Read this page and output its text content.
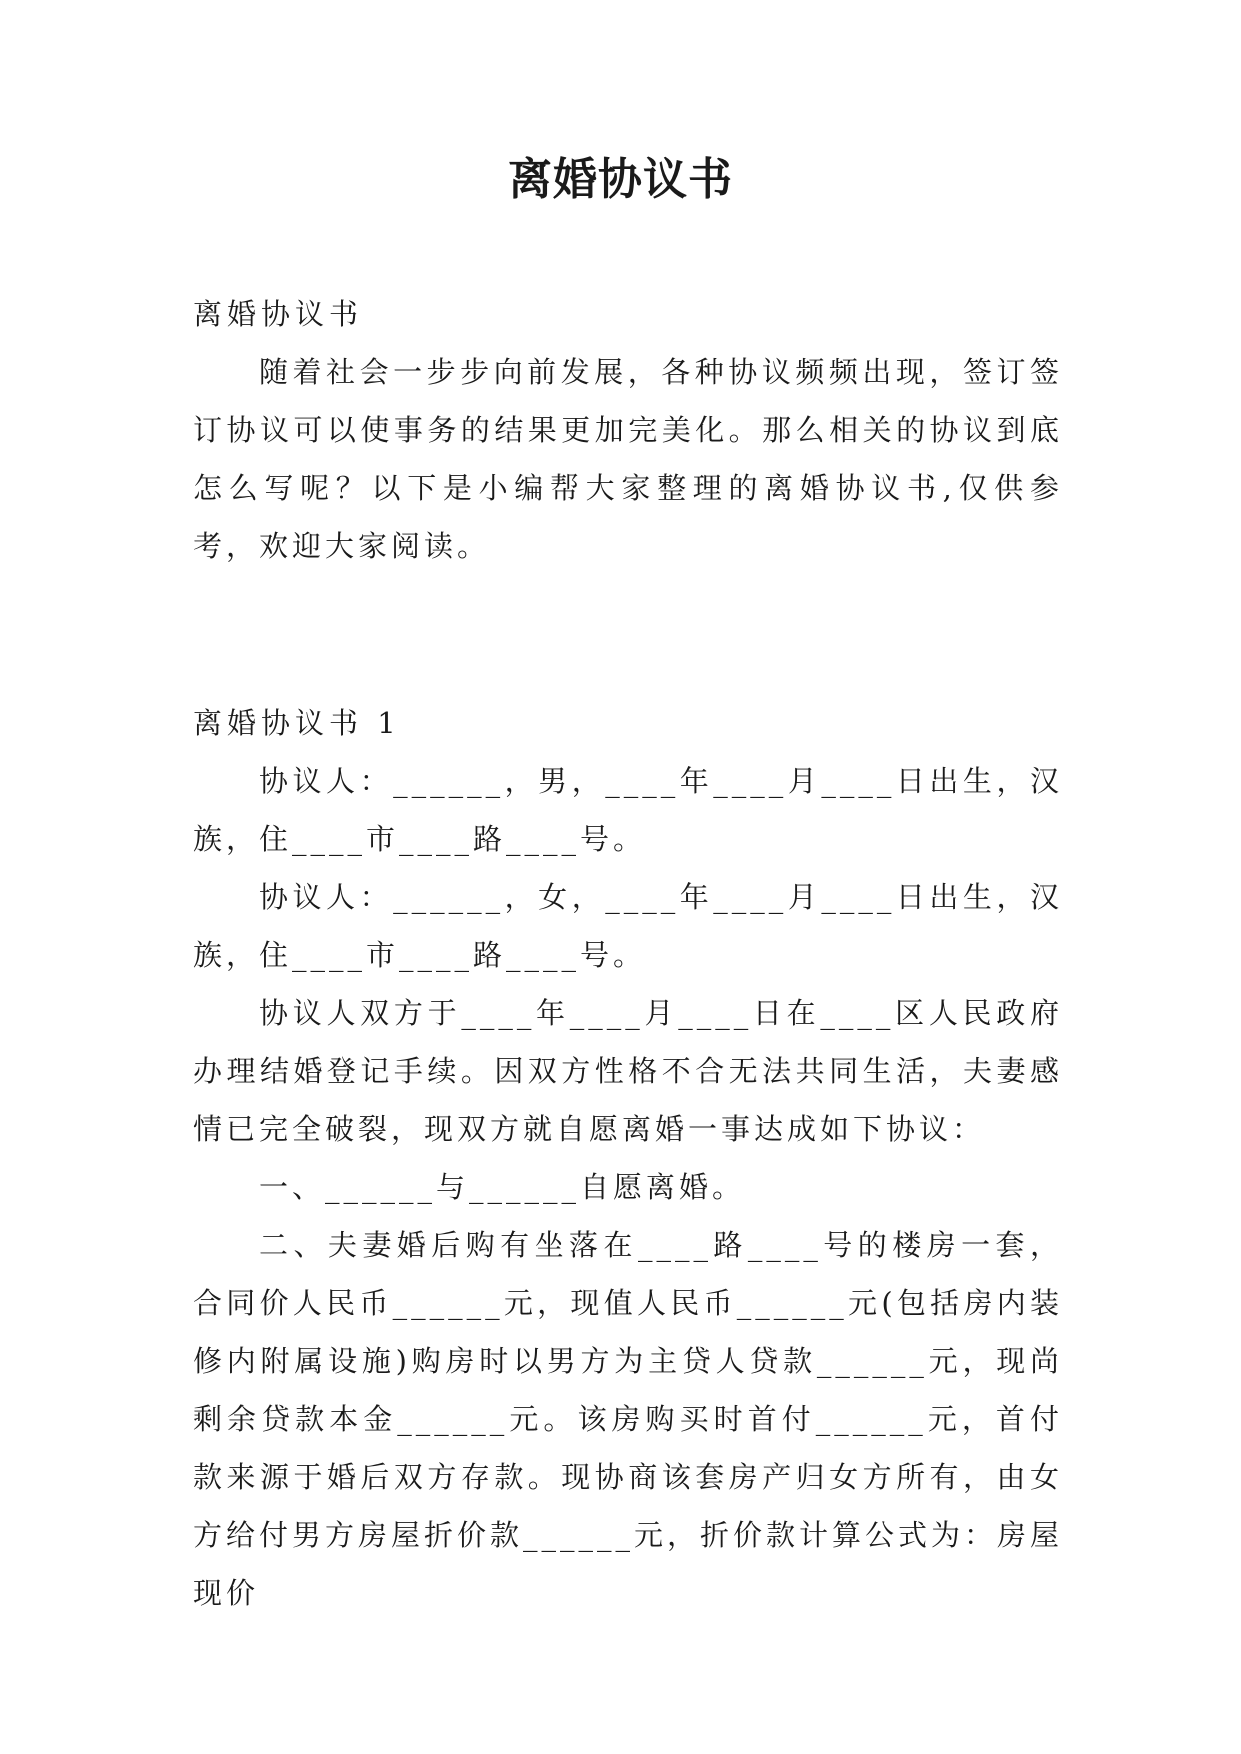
离婚协议书

离婚协议书

随着社会一步步向前发展，各种协议频频出现，签订签订协议可以使事务的结果更加完美化。那么相关的协议到底怎么写呢？以下是小编帮大家整理的离婚协议书,仅供参考，欢迎大家阅读。

离婚协议书 1

协议人：______，男，____年____月____日出生，汉族，住____市____路____号。

协议人：______，女，____年____月____日出生，汉族，住____市____路____号。

协议人双方于____年____月____日在____区人民政府办理结婚登记手续。因双方性格不合无法共同生活，夫妻感情已完全破裂，现双方就自愿离婚一事达成如下协议：

一、______与______自愿离婚。

二、夫妻婚后购有坐落在____路____号的楼房一套，合同价人民币______元，现值人民币______元(包括房内装修内附属设施)购房时以男方为主贷人贷款______元，现尚剩余贷款本金______元。该房购买时首付______元，首付款来源于婚后双方存款。现协商该套房产归女方所有，由女方给付男方房屋折价款______元，折价款计算公式为：房屋现价
